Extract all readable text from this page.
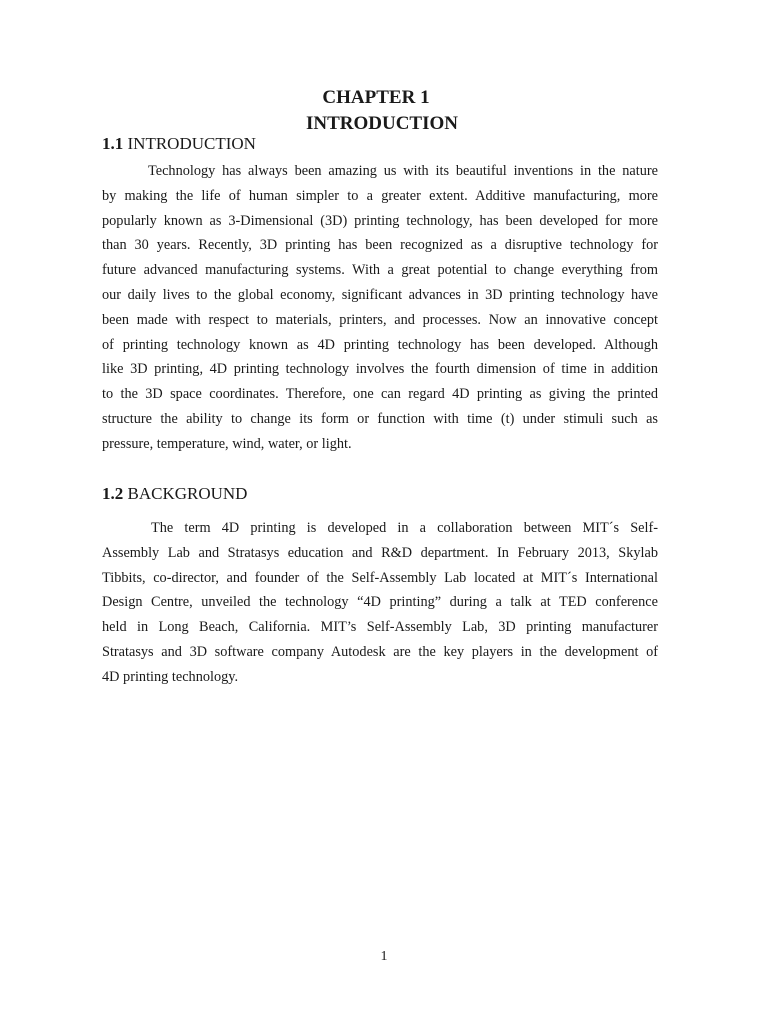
CHAPTER 1
INTRODUCTION
1.1 INTRODUCTION

Technology has always been amazing us with its beautiful inventions in the nature
by making the life of human simpler to a greater extent. Additive manufacturing, more
popularly known as 3-Dimensional (3D) printing technology, has been developed for more
than 30 years. Recently, 3D printing has been recognized as a disruptive technology for
future advanced manufacturing systems. With a great potential to change everything from
our daily lives to the global economy, significant advances in 3D printing technology have
been made with respect to materials, printers, and processes. Now an innovative concept
of printing technology known as 4D printing technology has been developed. Although
like 3D printing, 4D printing technology involves the fourth dimension of time in addition
to the 3D space coordinates. Therefore, one can regard 4D printing as giving the printed
structure the ability to change its form or function with time (t) under stimuli such as
pressure, temperature, wind, water, or light.

1.2 BACKGROUND

The term 4D printing is developed in a collaboration between MIT´s Self-
Assembly Lab and Stratasys education and R&D department. In February 2013, Skylab
Tibbits, co-director, and founder of the Self-Assembly Lab located at MIT´s International
Design Centre, unveiled the technology “4D printing” during a talk at TED conference
held in Long Beach, California. MIT’s Self-Assembly Lab, 3D printing manufacturer
Stratasys and 3D software company Autodesk are the key players in the development of
4D printing technology.

1
